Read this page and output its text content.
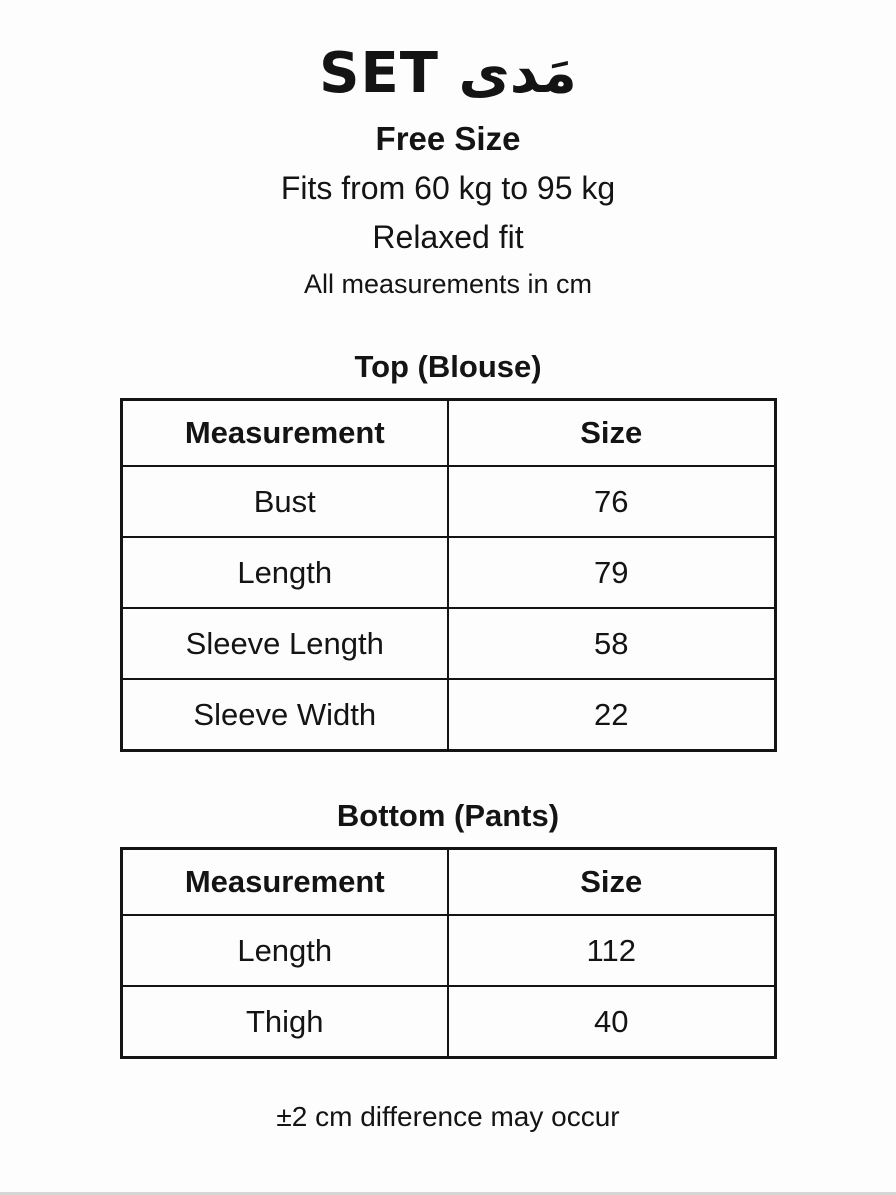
مَدى SET
Free Size
Fits from 60 kg to 95 kg
Relaxed fit
All measurements in cm
Top (Blouse)
Measurement	Size
Bust	76
Length	79
Sleeve Length	58
Sleeve Width	22
Bottom (Pants)
Measurement	Size
Length	112
Thigh	40
±2 cm difference may occur
